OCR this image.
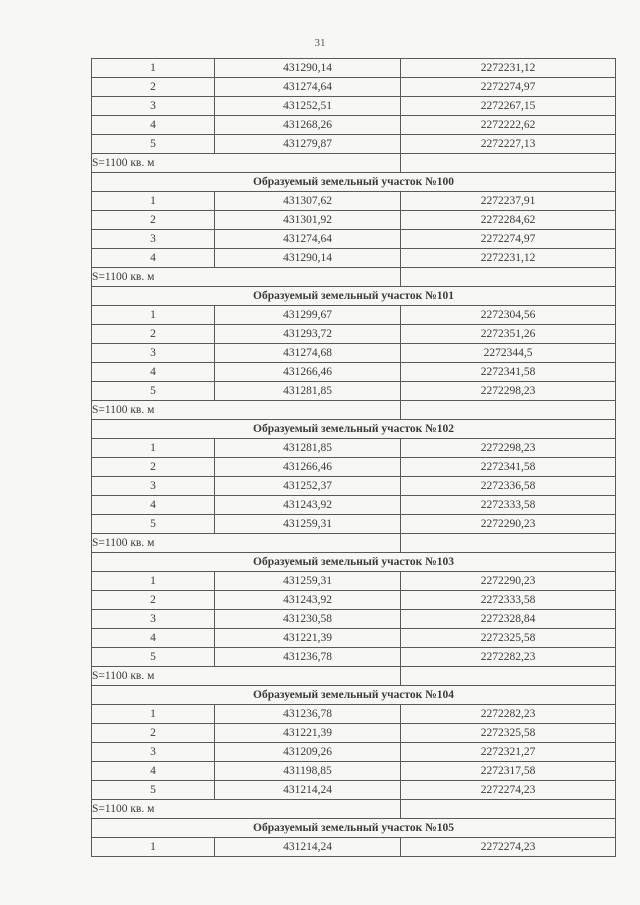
31
1	431290,14	2272231,12
2	431274,64	2272274,97
3	431252,51	2272267,15
4	431268,26	2272222,62
5	431279,87	2272227,13
S=1100 кв. м		
Образуемый земельный участок №100		
1	431307,62	2272237,91
2	431301,92	2272284,62
3	431274,64	2272274,97
4	431290,14	2272231,12
S=1100 кв. м		
Образуемый земельный участок №101		
1	431299,67	2272304,56
2	431293,72	2272351,26
3	431274,68	2272344,5
4	431266,46	2272341,58
5	431281,85	2272298,23
S=1100 кв. м		
Образуемый земельный участок №102		
1	431281,85	2272298,23
2	431266,46	2272341,58
3	431252,37	2272336,58
4	431243,92	2272333,58
5	431259,31	2272290,23
S=1100 кв. м		
Образуемый земельный участок №103		
1	431259,31	2272290,23
2	431243,92	2272333,58
3	431230,58	2272328,84
4	431221,39	2272325,58
5	431236,78	2272282,23
S=1100 кв. м		
Образуемый земельный участок №104		
1	431236,78	2272282,23
2	431221,39	2272325,58
3	431209,26	2272321,27
4	431198,85	2272317,58
5	431214,24	2272274,23
S=1100 кв. м		
Образуемый земельный участок №105		
1	431214,24	2272274,23
